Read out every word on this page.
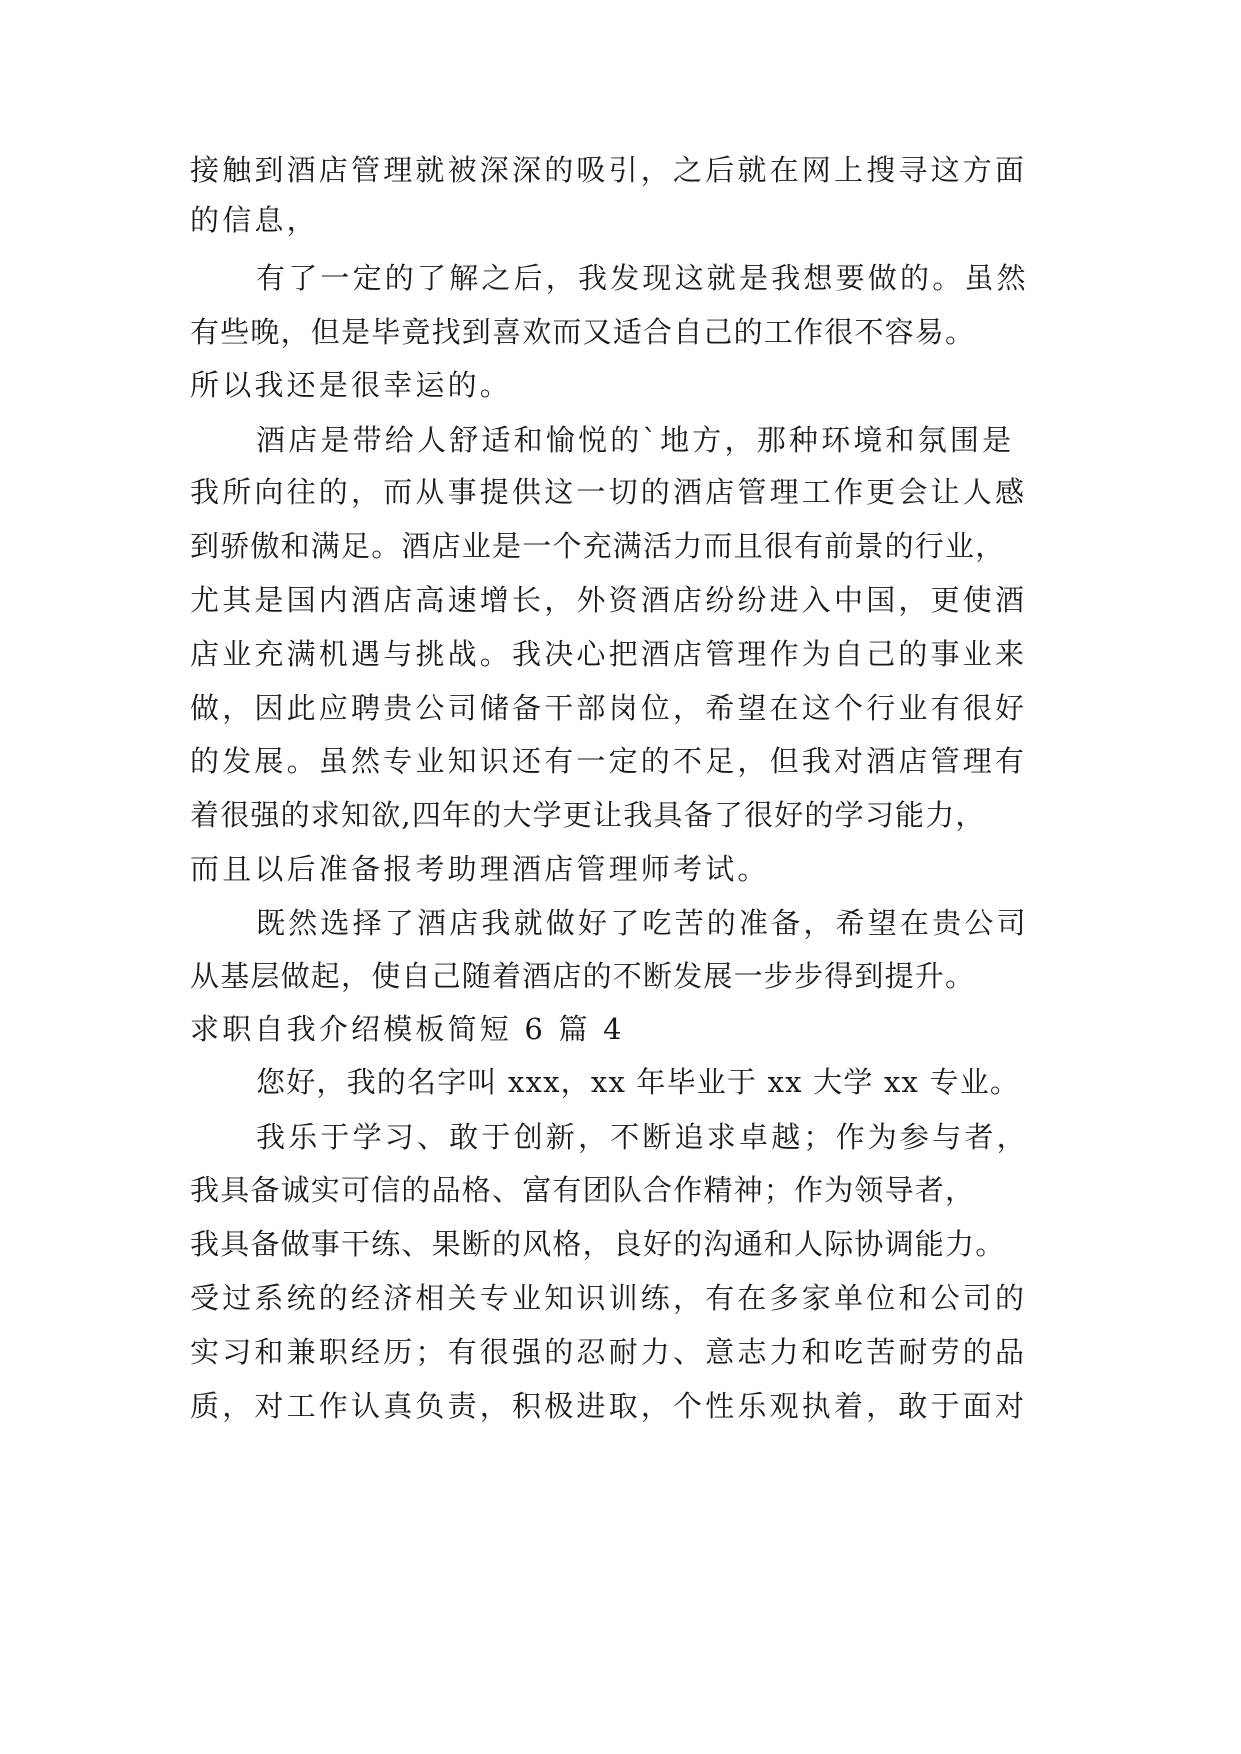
接触到酒店管理就被深深的吸引，之后就在网上搜寻这方面
的信息，
有了一定的了解之后，我发现这就是我想要做的。虽然
有些晚，但是毕竟找到喜欢而又适合自己的工作很不容易。
所以我还是很幸运的。
酒店是带给人舒适和愉悦的`地方，那种环境和氛围是
我所向往的，而从事提供这一切的酒店管理工作更会让人感
到骄傲和满足。酒店业是一个充满活力而且很有前景的行业，
尤其是国内酒店高速增长，外资酒店纷纷进入中国，更使酒
店业充满机遇与挑战。我决心把酒店管理作为自己的事业来
做，因此应聘贵公司储备干部岗位，希望在这个行业有很好
的发展。虽然专业知识还有一定的不足，但我对酒店管理有
着很强的求知欲,四年的大学更让我具备了很好的学习能力，
而且以后准备报考助理酒店管理师考试。
既然选择了酒店我就做好了吃苦的准备，希望在贵公司
从基层做起，使自己随着酒店的不断发展一步步得到提升。
求职自我介绍模板简短 6 篇 4
您好，我的名字叫 xxx，xx 年毕业于 xx 大学 xx 专业。
我乐于学习、敢于创新，不断追求卓越；作为参与者，
我具备诚实可信的品格、富有团队合作精神；作为领导者，
我具备做事干练、果断的风格，良好的沟通和人际协调能力。
受过系统的经济相关专业知识训练，有在多家单位和公司的
实习和兼职经历；有很强的忍耐力、意志力和吃苦耐劳的品
质，对工作认真负责，积极进取，个性乐观执着，敢于面对
